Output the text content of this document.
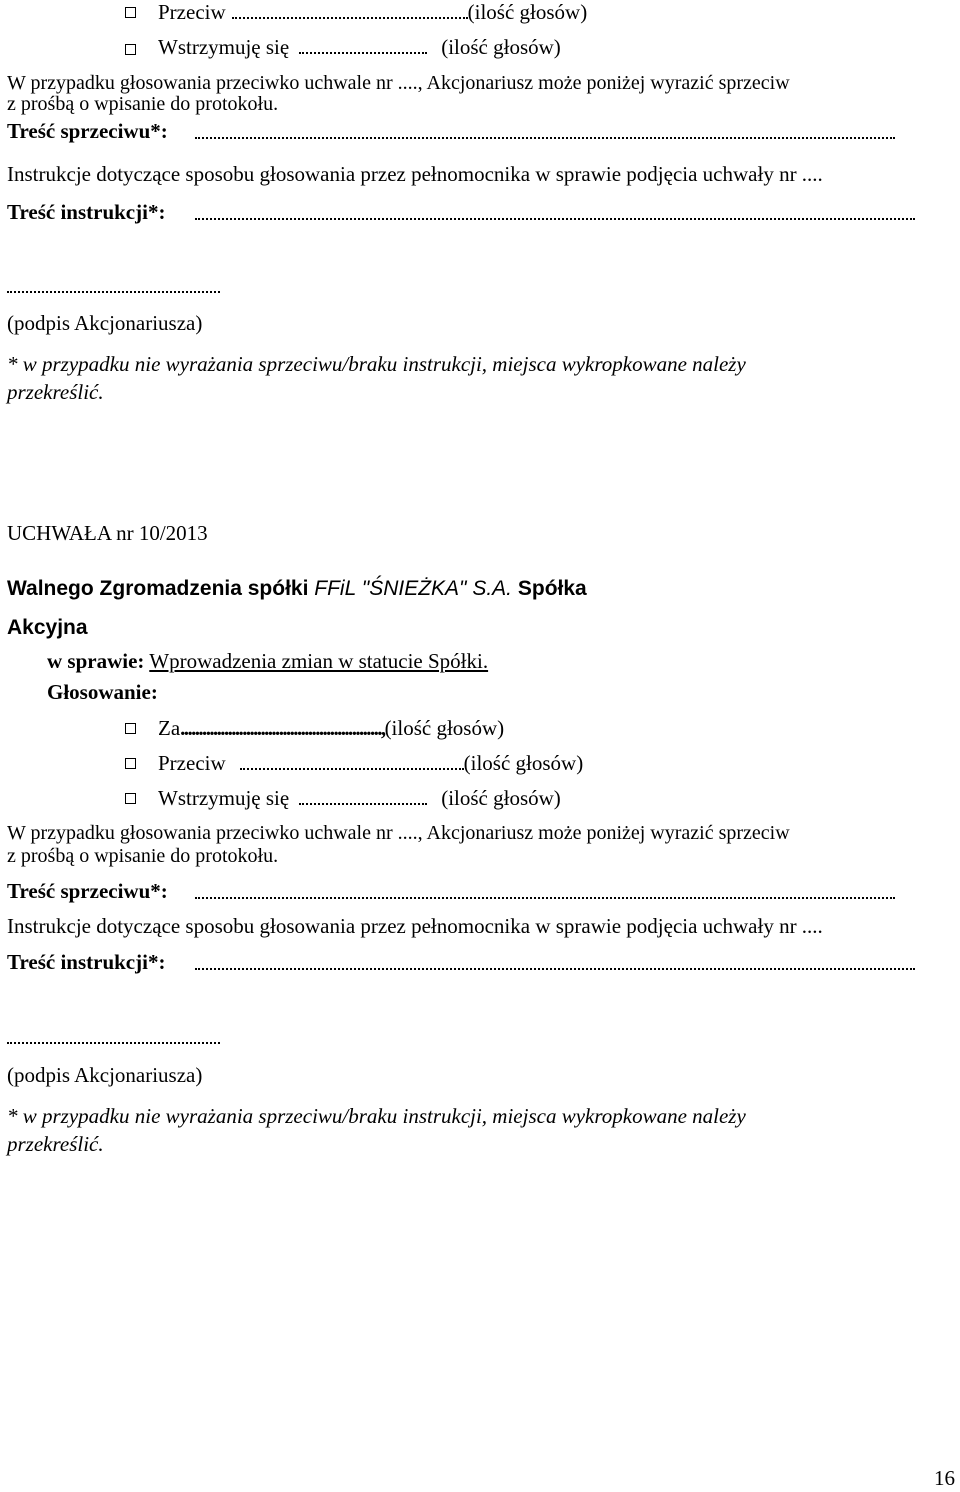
Przeciw	(ilość głosów)
Wstrzymuję się	(ilość głosów)
W przypadku głosowania przeciwko uchwale nr ...., Akcjonariusz może poniżej wyrazić sprzeciw
z prośbą o wpisanie do protokołu.
Treść sprzeciwu*:
Instrukcje dotyczące sposobu głosowania przez pełnomocnika w sprawie podjęcia uchwały nr ....
Treść instrukcji*:
(podpis Akcjonariusza)
* w przypadku nie wyrażania sprzeciwu/braku instrukcji, miejsca wykropkowane należy
przekreślić.
UCHWAŁA nr 10/2013
Walnego Zgromadzenia spółki FFiL "ŚNIEŻKA" S.A. Spółka
Akcyjna
w sprawie: Wprowadzenia zmian w statucie Spółki.
Głosowanie:
Za.......................................................,(ilość głosów)
Przeciw	(ilość głosów)
Wstrzymuję się	(ilość głosów)
W przypadku głosowania przeciwko uchwale nr ...., Akcjonariusz może poniżej wyrazić sprzeciw
z prośbą o wpisanie do protokołu.
Treść sprzeciwu*:
Instrukcje dotyczące sposobu głosowania przez pełnomocnika w sprawie podjęcia uchwały nr ....
Treść instrukcji*:
(podpis Akcjonariusza)
* w przypadku nie wyrażania sprzeciwu/braku instrukcji, miejsca wykropkowane należy
przekreślić.
16
